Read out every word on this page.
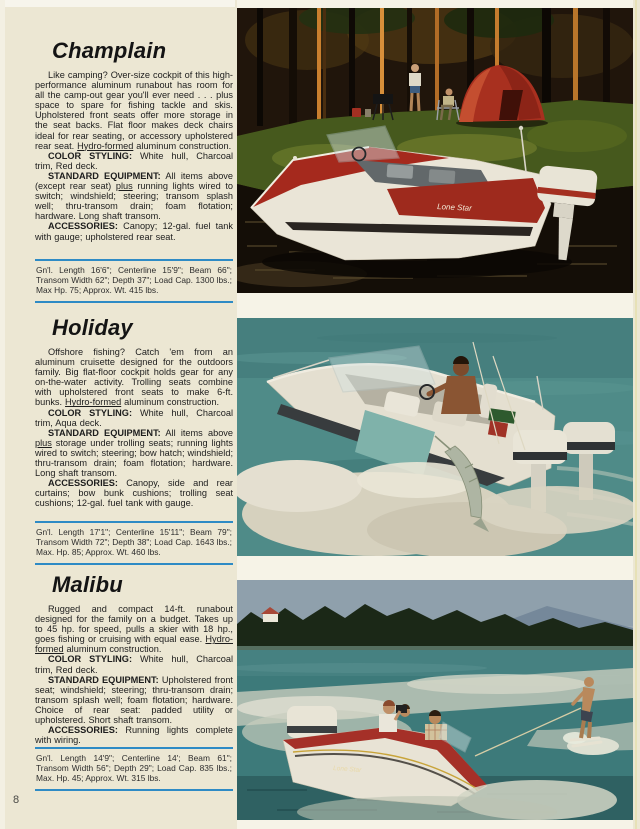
Champlain

Like camping? Over-size cockpit of this high-performance aluminum runabout has room for all the camp-out gear you'll ever need . . . plus space to spare for fishing tackle and skis. Upholstered front seats offer more storage in the seat backs. Flat floor makes deck chairs ideal for rear seating, or accessory upholstered rear seat. Hydro-formed aluminum construction.

COLOR STYLING: White hull, Charcoal trim, Red deck.

STANDARD EQUIPMENT: All items above (except rear seat) plus running lights wired to switch; windshield; steering; transom splash well; thru-transom drain; foam flotation; hardware. Long shaft transom.

ACCESSORIES: Canopy; 12-gal. fuel tank with gauge; upholstered rear seat.

Gn'l. Length 16'6"; Centerline 15'9"; Beam 66"; Transom Width 62"; Depth 37"; Load Cap. 1300 lbs.; Max Hp. 75; Approx. Wt. 415 lbs.
Holiday

Offshore fishing? Catch 'em from an aluminum cruisette designed for the outdoors family. Big flat-floor cockpit holds gear for any on-the-water activity. Trolling seats combine with upholstered front seats to make 6-ft. bunks. Hydro-formed aluminum construction.

COLOR STYLING: White hull, Charcoal trim, Aqua deck.

STANDARD EQUIPMENT: All items above plus storage under trolling seats; running lights wired to switch; steering; bow hatch; windshield; thru-transom drain; foam flotation; hardware. Long shaft transom.

ACCESSORIES: Canopy, side and rear curtains; bow bunk cushions; trolling seat cushions; 12-gal. fuel tank with gauge.

Gn'l. Length 17'1"; Centerline 15'11"; Beam 79"; Transom Width 72"; Depth 38"; Load Cap. 1643 lbs.; Max. Hp. 85; Approx. Wt. 460 lbs.
Malibu

Rugged and compact 14-ft. runabout designed for the family on a budget. Takes up to 45 hp. for speed, pulls a skier with 18 hp., goes fishing or cruising with equal ease. Hydro-formed aluminum construction.

COLOR STYLING: White hull, Charcoal trim, Red deck.

STANDARD EQUIPMENT: Upholstered front seat; windshield; steering; thru-transom drain; transom splash well; foam flotation; hardware. Choice of rear seat: padded utility or upholstered. Short shaft transom.

ACCESSORIES: Running lights complete with wiring.

Gn'l. Length 14'9"; Centerline 14'; Beam 61"; Transom Width 56"; Depth 29"; Load Cap. 835 lbs.; Max. Hp. 45; Approx. Wt. 315 lbs.
8
Lone Star
Lone Star
